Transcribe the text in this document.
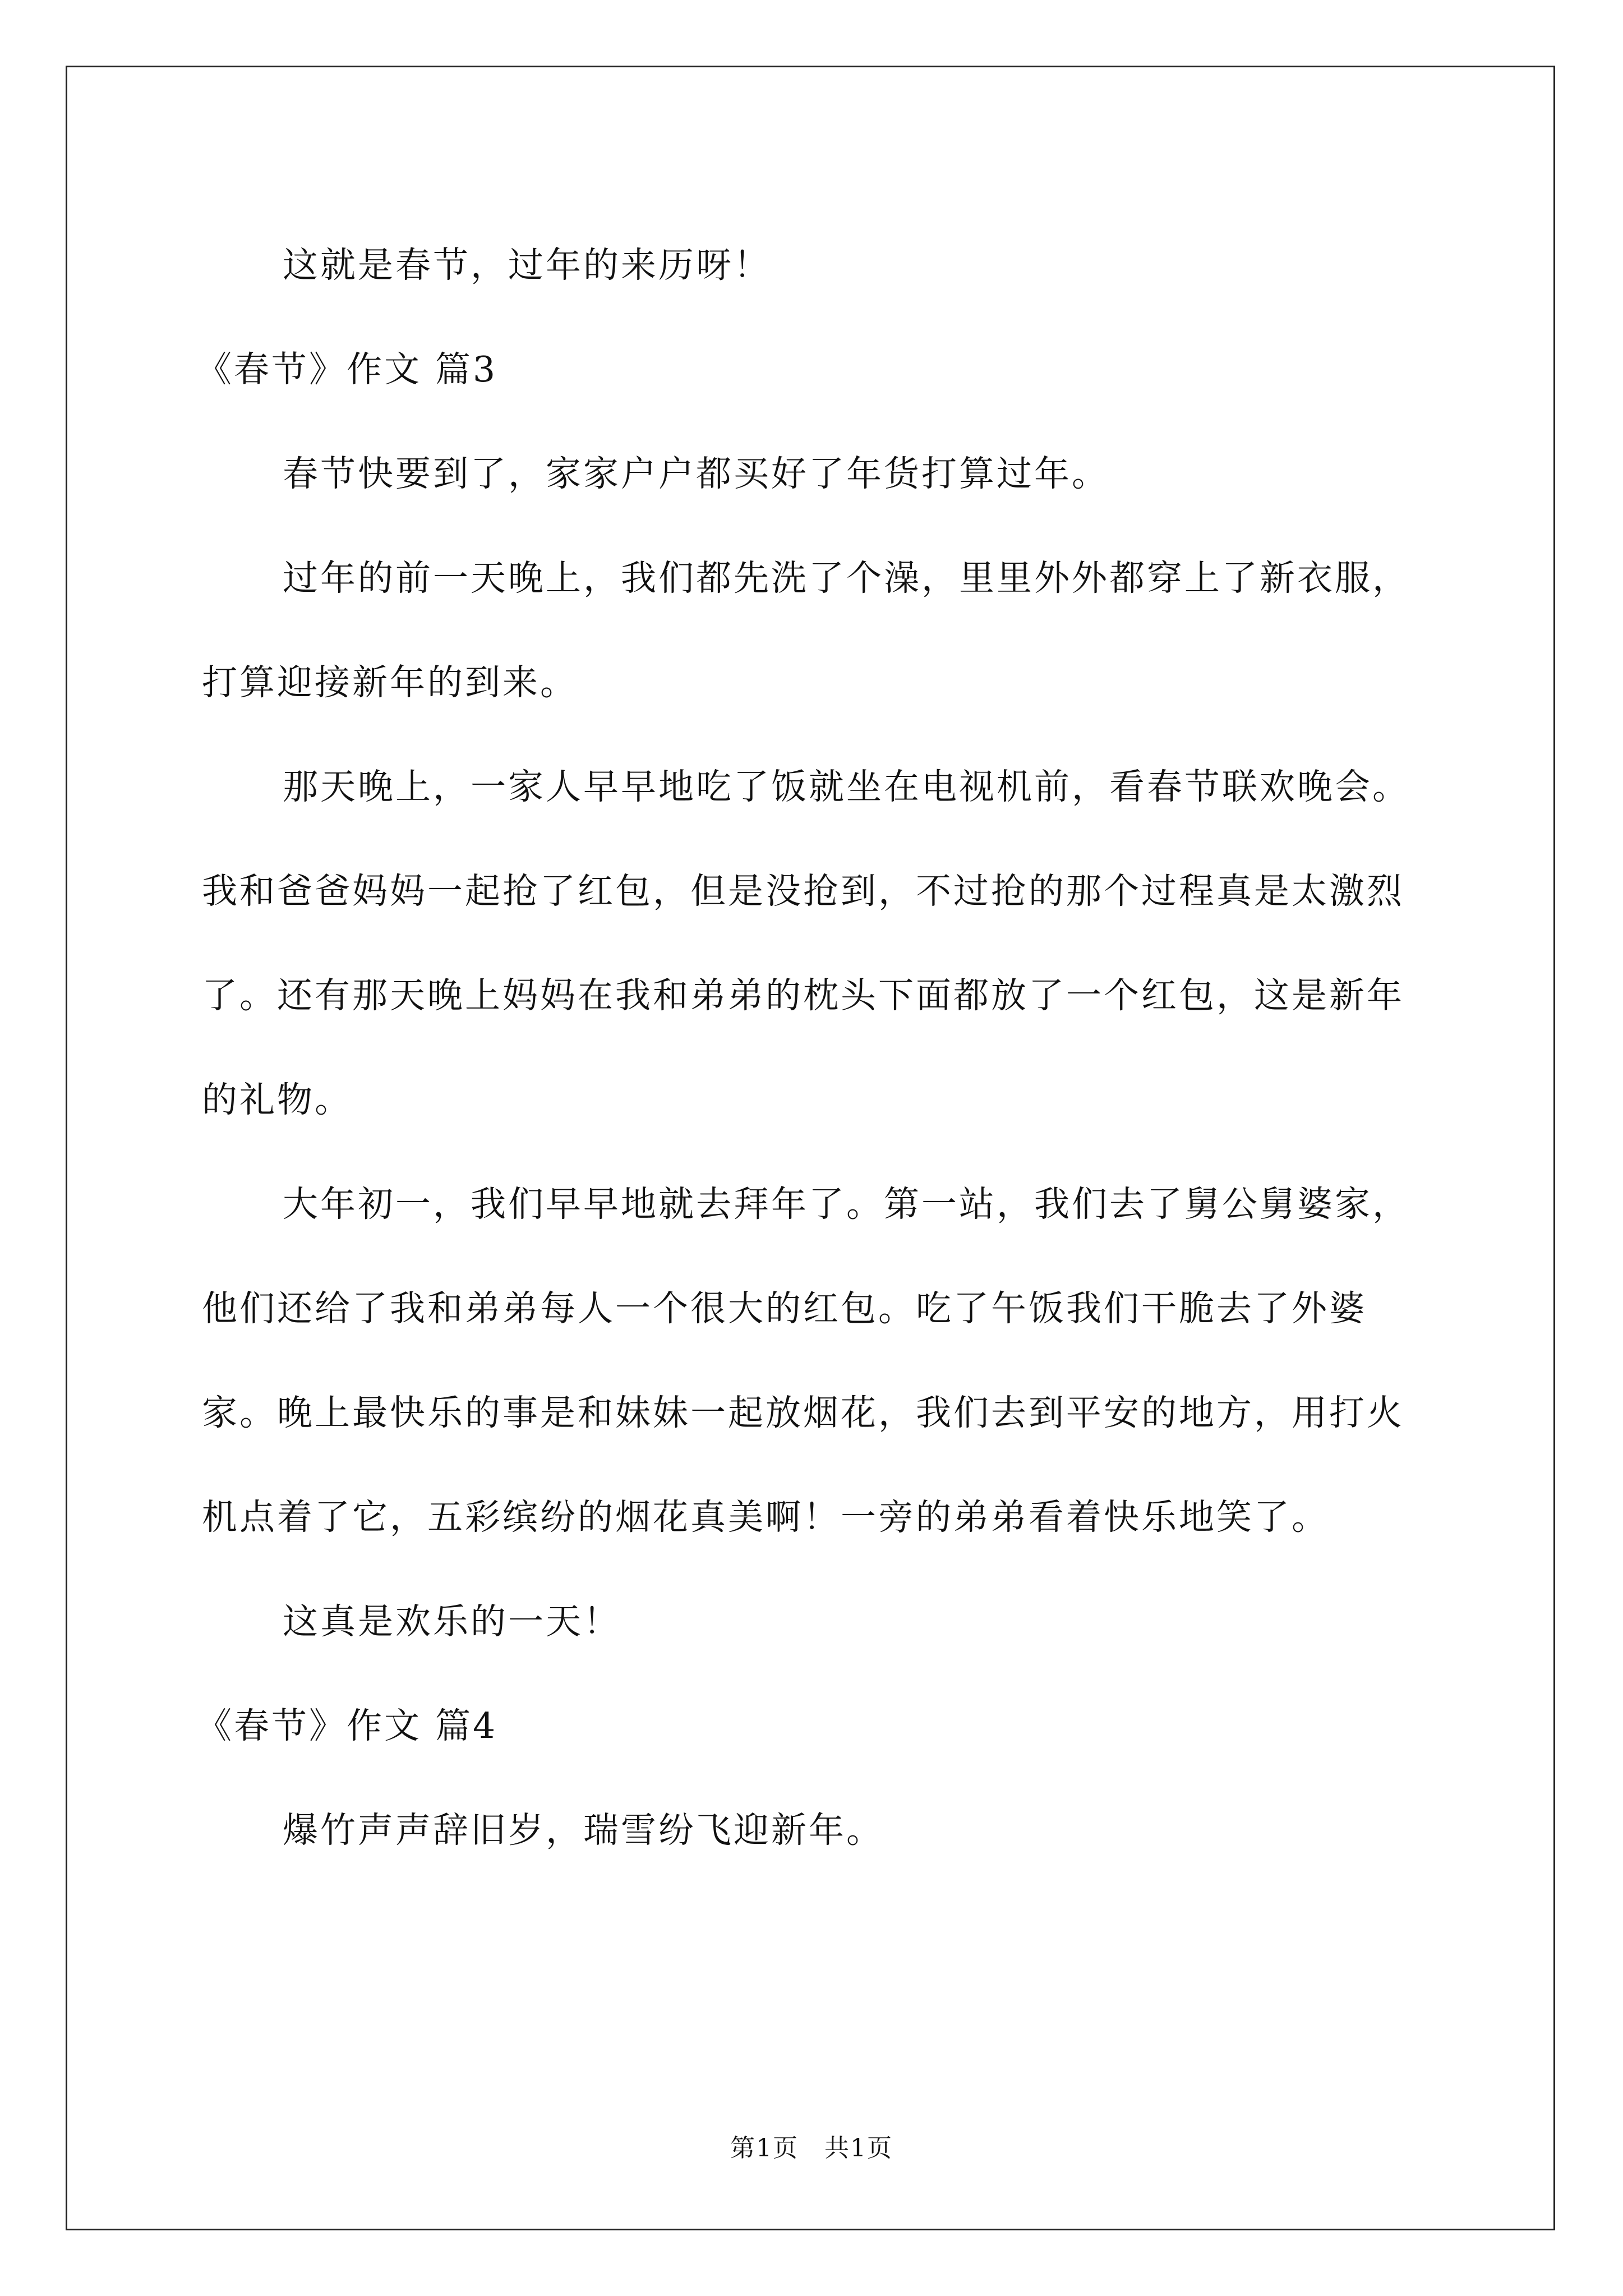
这就是春节，过年的来历呀！

《春节》作文 篇3

春节快要到了，家家户户都买好了年货打算过年。

过年的前一天晚上，我们都先洗了个澡，里里外外都穿上了新衣服，打算迎接新年的到来。

那天晚上，一家人早早地吃了饭就坐在电视机前，看春节联欢晚会。我和爸爸妈妈一起抢了红包，但是没抢到，不过抢的那个过程真是太激烈了。还有那天晚上妈妈在我和弟弟的枕头下面都放了一个红包，这是新年的礼物。

大年初一，我们早早地就去拜年了。第一站，我们去了舅公舅婆家，他们还给了我和弟弟每人一个很大的红包。吃了午饭我们干脆去了外婆家。晚上最快乐的事是和妹妹一起放烟花，我们去到平安的地方，用打火机点着了它，五彩缤纷的烟花真美啊！一旁的弟弟看着快乐地笑了。

这真是欢乐的一天！

《春节》作文 篇4

爆竹声声辞旧岁，瑞雪纷飞迎新年。

第1页　共1页
